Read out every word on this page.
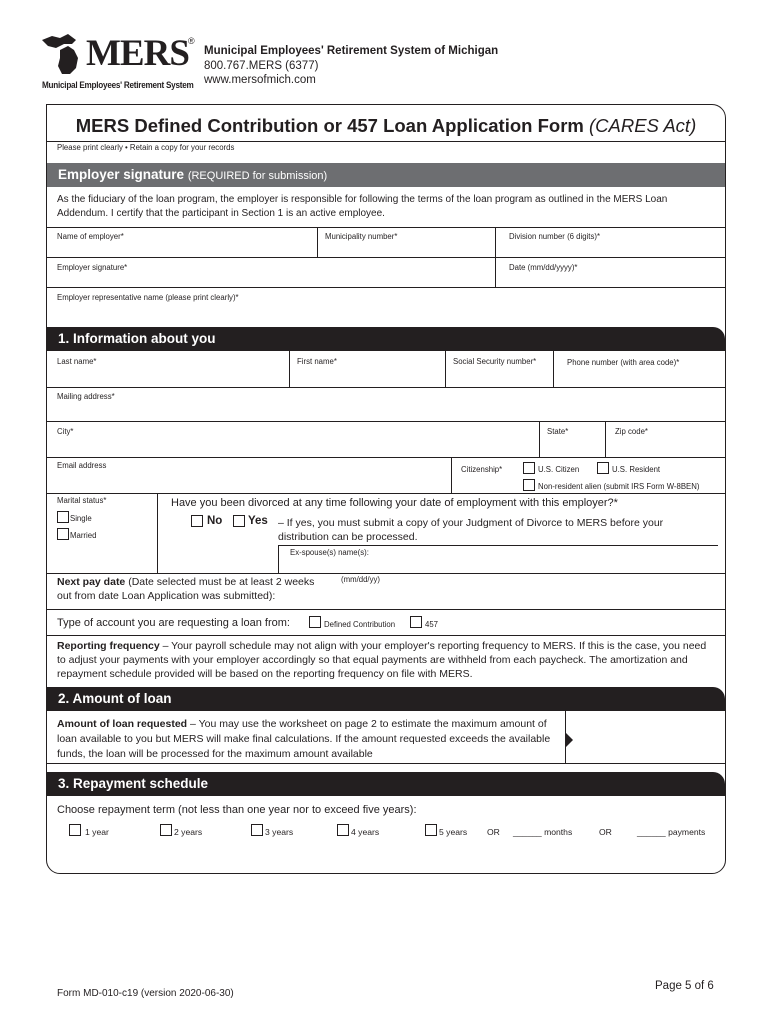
MERS ®
Municipal Employees' Retirement System
Municipal Employees' Retirement System of Michigan
800.767.MERS (6377)
www.mersofmich.com
MERS Defined Contribution or 457 Loan Application Form (CARES Act)
Please print clearly • Retain a copy for your records
Employer signature (REQUIRED for submission)
As the fiduciary of the loan program, the employer is responsible for following the terms of the loan program as outlined in the MERS Loan Addendum. I certify that the participant in Section 1 is an active employee.
Name of employer*	Municipality number*	Division number (6 digits)*
Employer signature*	Date (mm/dd/yyyy)*
Employer representative name (please print clearly)*
1. Information about you
Last name*	First name*	Social Security number*	Phone number (with area code)*
Mailing address*
City*	State*	Zip code*
Email address	Citizenship*	U.S. Citizen	U.S. Resident
Non-resident alien (submit IRS Form W-8BEN)
Marital status*
Single
Married
Have you been divorced at any time following your date of employment with this employer?*
No Yes – If yes, you must submit a copy of your Judgment of Divorce to MERS before your distribution can be processed.
Ex-spouse(s) name(s):
Next pay date (Date selected must be at least 2 weeks out from date Loan Application was submitted):
(mm/dd/yy)
Type of account you are requesting a loan from:	Defined Contribution	457
Reporting frequency – Your payroll schedule may not align with your employer's reporting frequency to MERS. If this is the case, you need to adjust your payments with your employer accordingly so that equal payments are withheld from each paycheck. The amortization and repayment schedule provided will be based on the reporting frequency on file with MERS.
2. Amount of loan
Amount of loan requested – You may use the worksheet on page 2 to estimate the maximum amount of loan available to you but MERS will make final calculations. If the amount requested exceeds the available funds, the loan will be processed for the maximum amount available
3. Repayment schedule
Choose repayment term (not less than one year nor to exceed five years):
1 year	2 years	3 years	4 years	5 years OR ______ months	OR	______ payments
Form MD-010-c19 (version 2020-06-30)
Page 5 of 6
